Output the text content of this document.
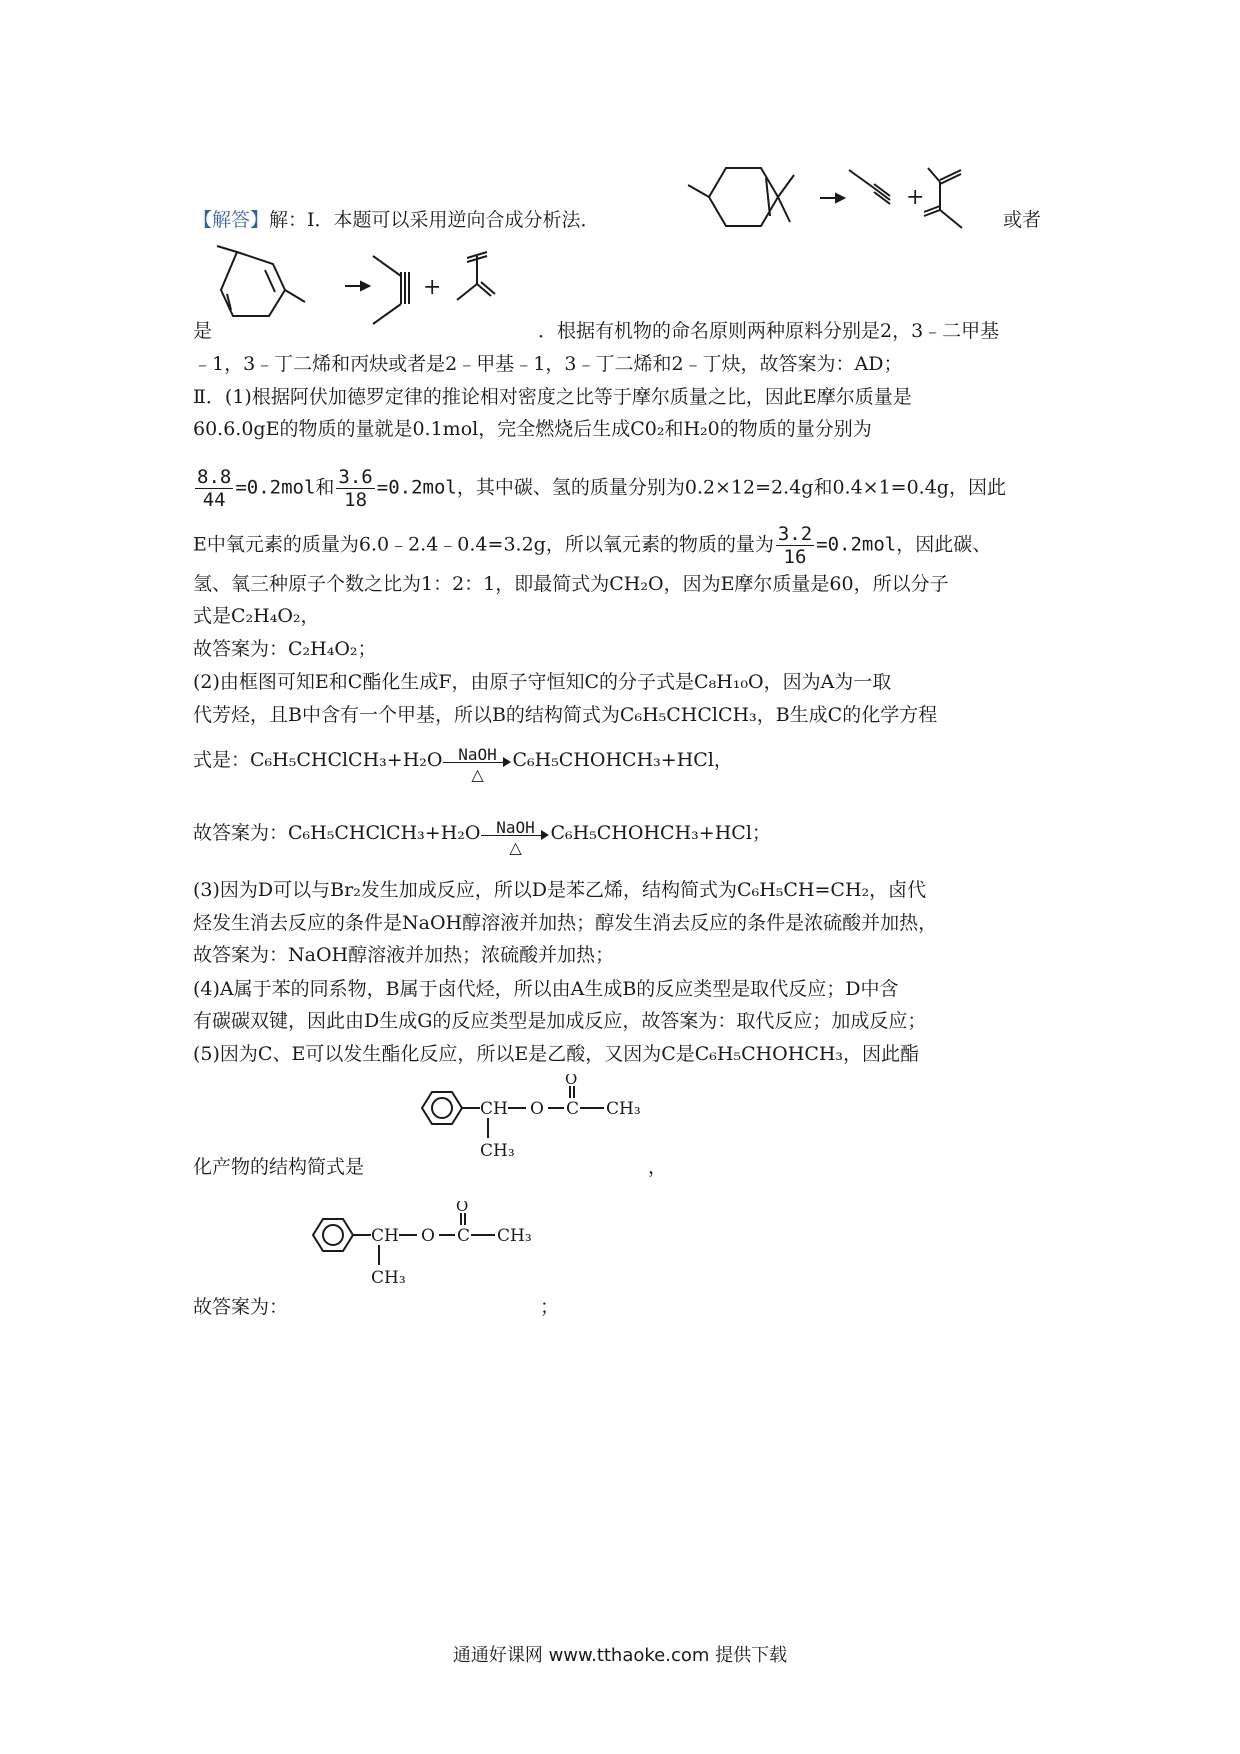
【解答】解：Ⅰ．本题可以采用逆向合成分析法．	或者
+
+
是	．根据有机物的命名原则两种原料分别是2，3﹣二甲基
﹣1，3﹣丁二烯和丙炔或者是2﹣甲基﹣1，3﹣丁二烯和2﹣丁炔，故答案为：AD；
Ⅱ．(1)根据阿伏加德罗定律的推论相对密度之比等于摩尔质量之比，因此E摩尔质量是
60.6.0gE的物质的量就是0.1mol，完全燃烧后生成C0₂和H₂0的物质的量分别为
$\frac{8.8}{44} =0.2mol$和 $\frac{3.6}{18} =0.2mol$，其中碳、氢的质量分别为0.2×12=2.4g和0.4×1=0.4g，因此
E中氧元素的质量为6.0﹣2.4﹣0.4=3.2g，所以氧元素的物质的量为 $\frac{3.2}{16} =0.2mol$，因此碳、
氢、氧三种原子个数之比为1：2：1，即最简式为CH₂O，因为E摩尔质量是60，所以分子
式是C₂H₄O₂，
故答案为：C₂H₄O₂；
(2)由框图可知E和C酯化生成F，由原子守恒知C的分子式是C₈H₁₀O，因为A为一取
代芳烃，且B中含有一个甲基，所以B的结构简式为C₆H₅CHClCH₃，B生成C的化学方程
式是：C₆H₅CHClCH₃+H₂O NaOH
△
C₆H₅CHOHCH₃+HCl，
故答案为：C₆H₅CHClCH₃+H₂O NaOH
△
C₆H₅CHOHCH₃+HCl；
(3)因为D可以与Br₂发生加成反应，所以D是苯乙烯，结构简式为C₆H₅CH=CH₂，卤代
烃发生消去反应的条件是NaOH醇溶液并加热；醇发生消去反应的条件是浓硫酸并加热，
故答案为：NaOH醇溶液并加热；浓硫酸并加热；
(4)A属于苯的同系物，B属于卤代烃，所以由A生成B的反应类型是取代反应；D中含
有碳碳双键，因此由D生成G的反应类型是加成反应，故答案为：取代反应；加成反应；
(5)因为C、E可以发生酯化反应，所以E是乙酸，又因为C是C₆H₅CHOHCH₃，因此酯
CH O C
O
CH₃
CH₃
化产物的结构简式是	，
CH O C
O
CH₃
CH₃
故答案为：	；
通通好课网 www.tthaoke.com 提供下载
